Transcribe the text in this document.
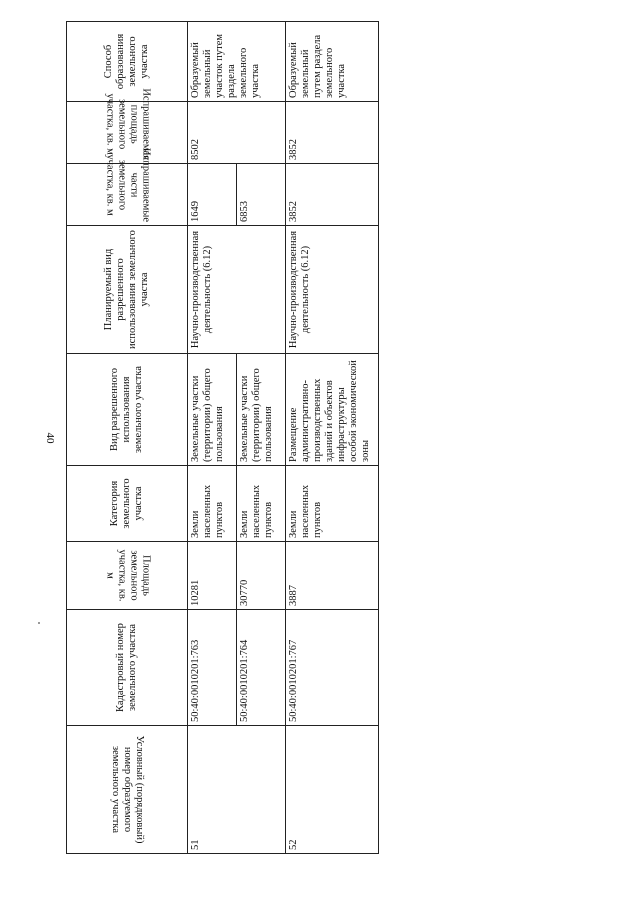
40
Условный (порядковый) номер образуемого земельного участка	Кадастровый номер земельного участка	Площадь земельного участка, кв. м	Категория земельного участка	Вид разрешенного использования земельного участка	Планируемый вид разрешенного использования земельного участка	Испрашиваемые части земельного участка, кв. м	Испрашиваемая площадь земельного участка, кв. м	Способ образования земельного участка
51	50:40:0010201:763	10281	Земли населенных пунктов	Земельные участки (территории) общего пользования	Научно-производственная деятельность (6.12)	1649	8502	Образуемый земельный участок путем раздела земельного участка
	50:40:0010201:764	30770	Земли населенных пунктов	Земельные участки (территории) общего пользования		6853		
52	50:40:0010201:767	3887	Земли населенных пунктов	Размещение административно-производственных зданий и объектов инфраструктуры особой экономической зоны	Научно-производственная деятельность (6.12)	3852	3852	Образуемый земельный путем раздела земельного участка
